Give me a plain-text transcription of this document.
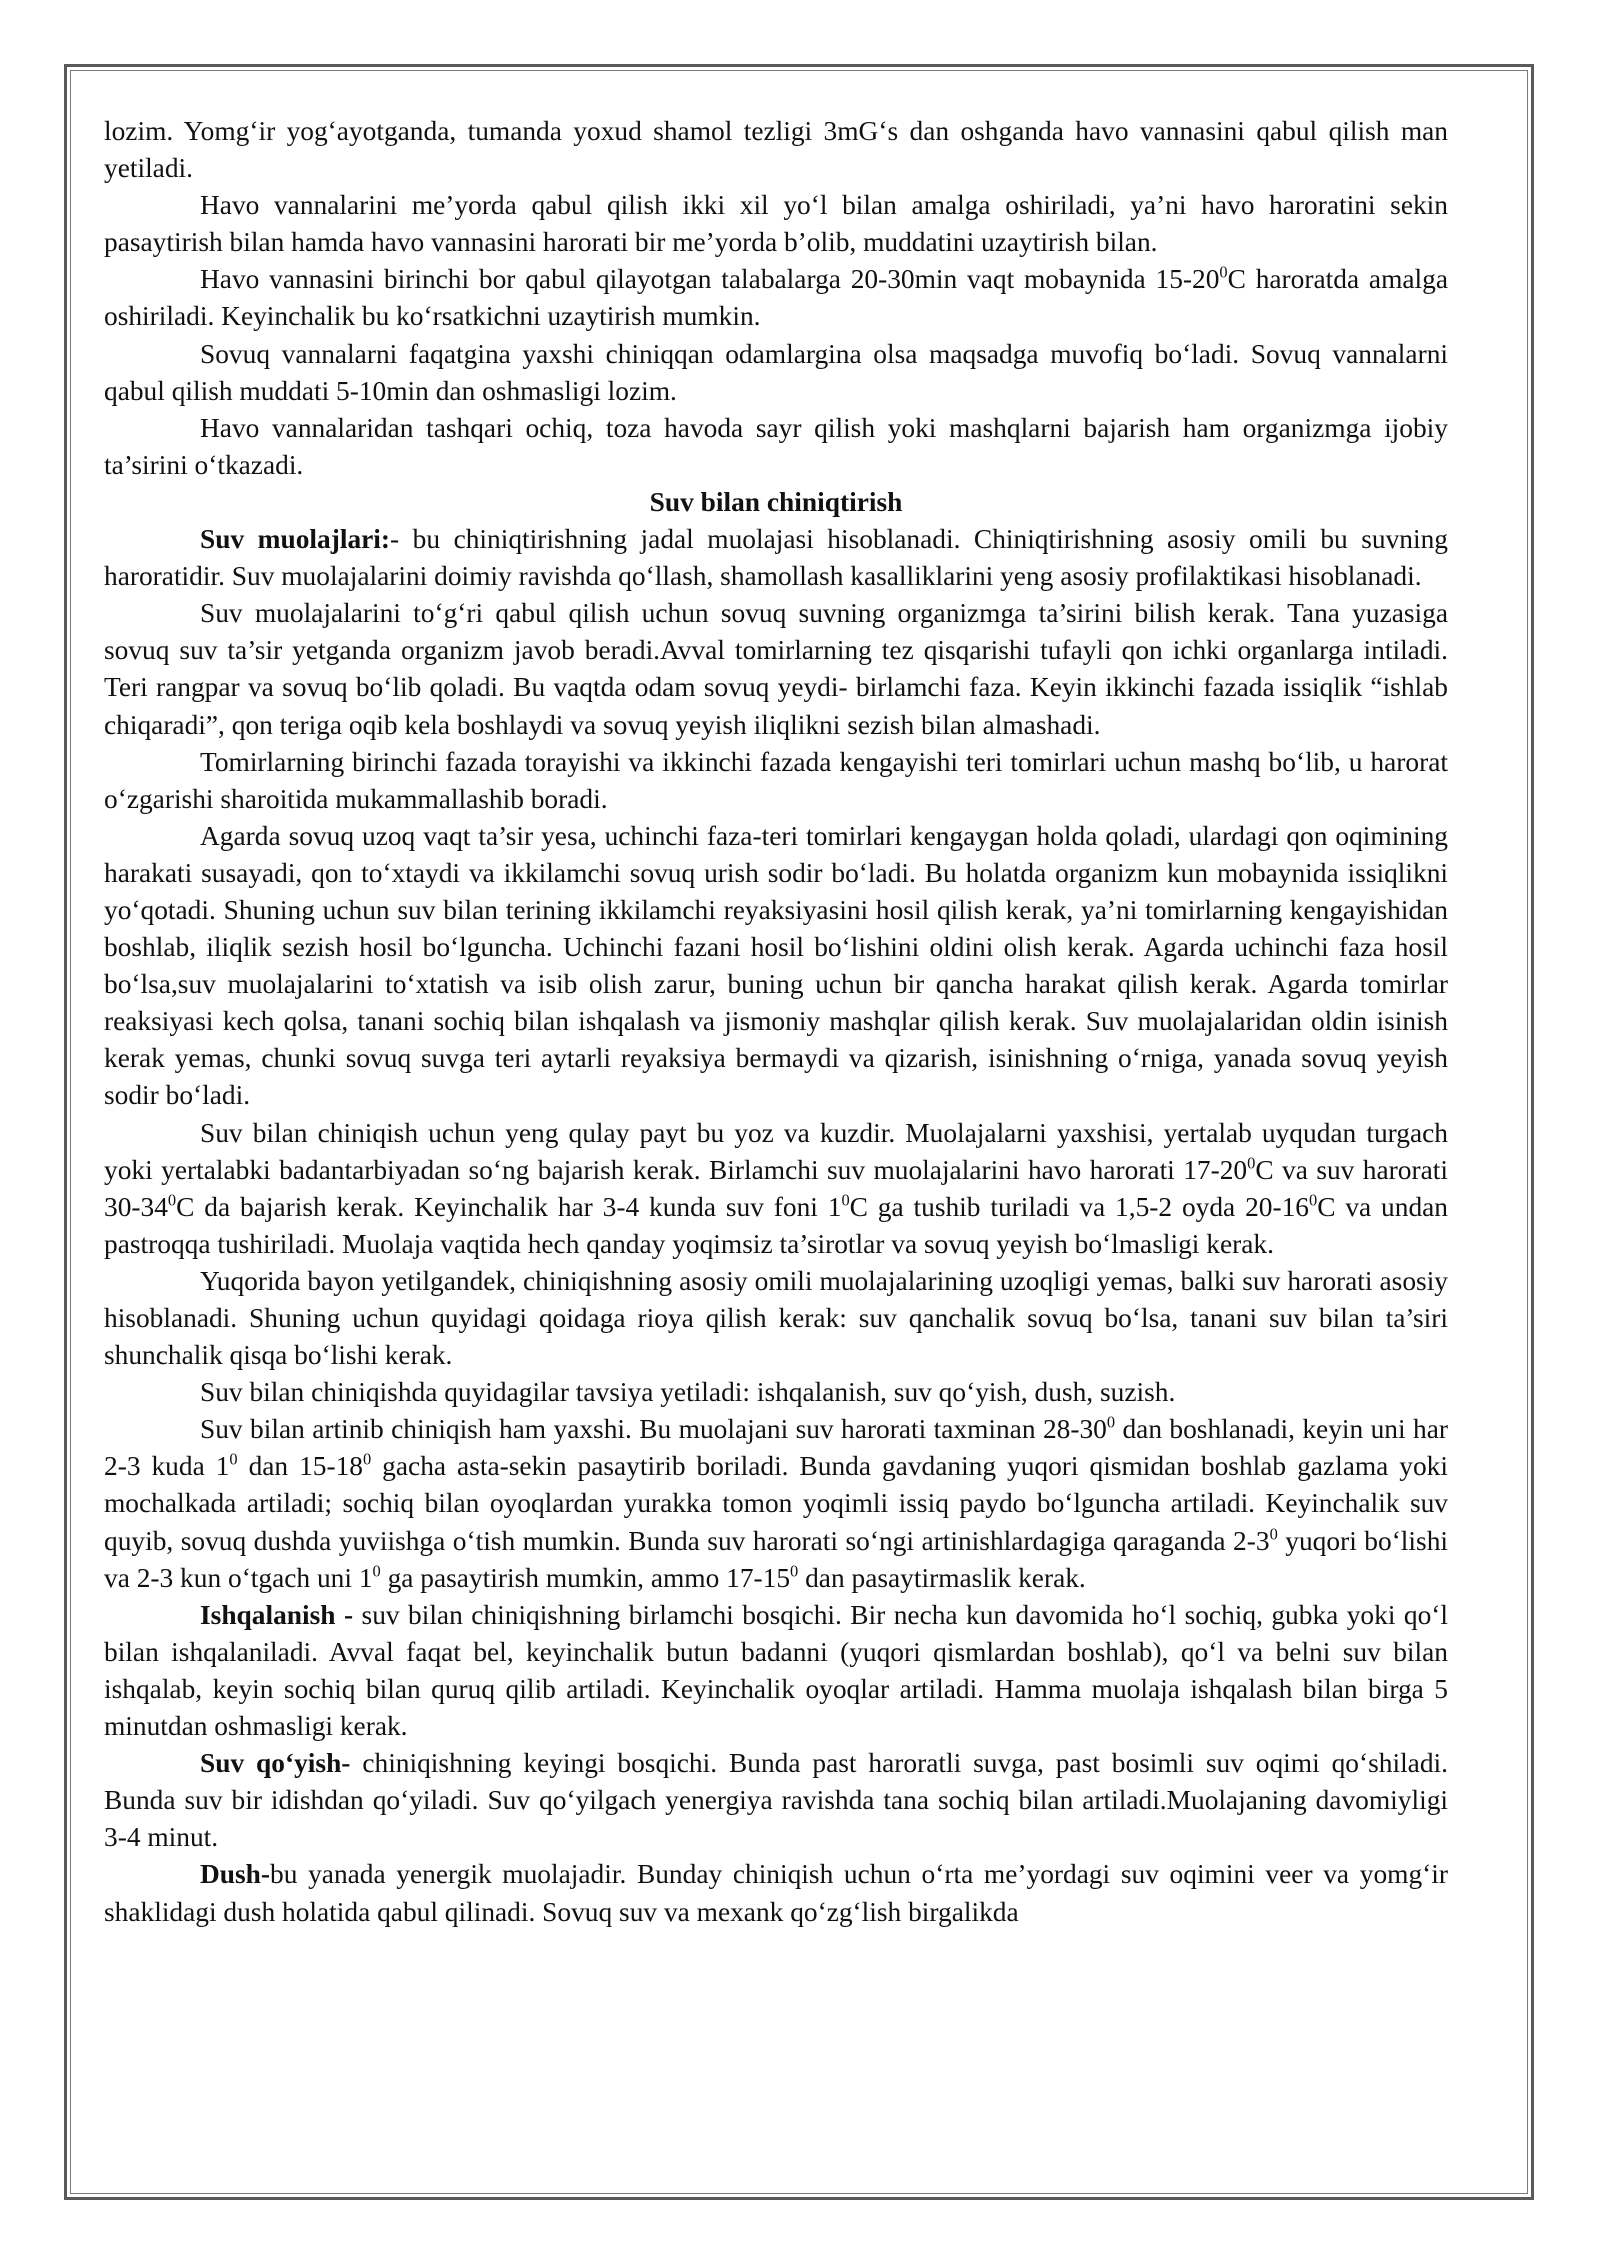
lozim. Yomg‘ir yog‘ayotganda, tumanda yoxud shamol tezligi 3mG‘s dan oshganda havo vannasini qabul qilish man yetiladi.

Havo vannalarini me’yorda qabul qilish ikki xil yo‘l bilan amalga oshiriladi, ya’ni havo haroratini sekin pasaytirish bilan hamda havo vannasini harorati bir me’yorda b’olib, muddatini uzaytirish bilan.

Havo vannasini birinchi bor qabul qilayotgan talabalarga 20-30min vaqt mobaynida $15-20^0C$ haroratda amalga oshiriladi. Keyinchalik bu ko‘rsatkichni uzaytirish mumkin.

Sovuq vannalarni faqatgina yaxshi chiniqqan odamlargina olsa maqsadga muvofiq bo‘ladi. Sovuq vannalarni qabul qilish muddati 5-10min dan oshmasligi lozim.

Havo vannalaridan tashqari ochiq, toza havoda sayr qilish yoki mashqlarni bajarish ham organizmga ijobiy ta’sirini o‘tkazadi.

Suv bilan chiniqtirish

Suv muolajlari:- bu chiniqtirishning jadal muolajasi hisoblanadi. Chiniqtirishning asosiy omili bu suvning haroratidir. Suv muolajalarini doimiy ravishda qo‘llash, shamollash kasalliklarini yeng asosiy profilaktikasi hisoblanadi.

Suv muolajalarini to‘g‘ri qabul qilish uchun sovuq suvning organizmga ta’sirini bilish kerak. Tana yuzasiga sovuq suv ta’sir yetganda organizm javob beradi.Avval tomirlarning tez qisqarishi tufayli qon ichki organlarga intiladi. Teri rangpar va sovuq bo‘lib qoladi. Bu vaqtda odam sovuq yeydi- birlamchi faza. Keyin ikkinchi fazada issiqlik “ishlab chiqaradi”, qon teriga oqib kela boshlaydi va sovuq yeyish iliqlikni sezish bilan almashadi.

Tomirlarning birinchi fazada torayishi va ikkinchi fazada kengayishi teri tomirlari uchun mashq bo‘lib, u harorat o‘zgarishi sharoitida mukammallashib boradi.

Agarda sovuq uzoq vaqt ta’sir yesa, uchinchi faza-teri tomirlari kengaygan holda qoladi, ulardagi qon oqimining harakati susayadi, qon to‘xtaydi va ikkilamchi sovuq urish sodir bo‘ladi. Bu holatda organizm kun mobaynida issiqlikni yo‘qotadi. Shuning uchun suv bilan terining ikkilamchi reyaksiyasini hosil qilish kerak, ya’ni tomirlarning kengayishidan boshlab, iliqlik sezish hosil bo‘lguncha. Uchinchi fazani hosil bo‘lishini oldini olish kerak. Agarda uchinchi faza hosil bo‘lsa,suv muolajalarini to‘xtatish va isib olish zarur, buning uchun bir qancha harakat qilish kerak. Agarda tomirlar reaksiyasi kech qolsa, tanani sochiq bilan ishqalash va jismoniy mashqlar qilish kerak. Suv muolajalaridan oldin isinish kerak yemas, chunki sovuq suvga teri aytarli reyaksiya bermaydi va qizarish, isinishning o‘rniga, yanada sovuq yeyish sodir bo‘ladi.

Suv bilan chiniqish uchun yeng qulay payt bu yoz va kuzdir. Muolajalarni yaxshisi, yertalab uyqudan turgach yoki yertalabki badantarbiyadan so‘ng bajarish kerak. Birlamchi suv muolajalarini havo harorati $17-20^0C$ va suv harorati $30-34^0C$ da bajarish kerak. Keyinchalik har 3-4 kunda suv foni $1^0C$ ga tushib turiladi va 1,5-2 oyda $20-16^0C$ va undan pastroqqa tushiriladi. Muolaja vaqtida hech qanday yoqimsiz ta’sirotlar va sovuq yeyish bo‘lmasligi kerak.

Yuqorida bayon yetilgandek, chiniqishning asosiy omili muolajalarining uzoqligi yemas, balki suv harorati asosiy hisoblanadi. Shuning uchun quyidagi qoidaga rioya qilish kerak: suv qanchalik sovuq bo‘lsa, tanani suv bilan ta’siri shunchalik qisqa bo‘lishi kerak.

Suv bilan chiniqishda quyidagilar tavsiya yetiladi: ishqalanish, suv qo‘yish, dush, suzish.

Suv bilan artinib chiniqish ham yaxshi. Bu muolajani suv harorati taxminan $28-30^0$ dan boshlanadi, keyin uni har 2-3 kuda $1^0$ dan $15-18^0$ gacha asta-sekin pasaytirib boriladi. Bunda gavdaning yuqori qismidan boshlab gazlama yoki mochalkada artiladi; sochiq bilan oyoqlardan yurakka tomon yoqimli issiq paydo bo‘lguncha artiladi. Keyinchalik suv quyib, sovuq dushda yuviishga o‘tish mumkin. Bunda suv harorati so‘ngi artinishlardagiga qaraganda $2-3^0$ yuqori bo‘lishi va 2-3 kun o‘tgach uni $1^0$ ga pasaytirish mumkin, ammo $17-15^0$ dan pasaytirmaslik kerak.

Ishqalanish - suv bilan chiniqishning birlamchi bosqichi. Bir necha kun davomida ho‘l sochiq, gubka yoki qo‘l bilan ishqalaniladi. Avval faqat bel, keyinchalik butun badanni (yuqori qismlardan boshlab), qo‘l va belni suv bilan ishqalab, keyin sochiq bilan quruq qilib artiladi. Keyinchalik oyoqlar artiladi. Hamma muolaja ishqalash bilan birga 5 minutdan oshmasligi kerak.

Suv qo‘yish- chiniqishning keyingi bosqichi. Bunda past haroratli suvga, past bosimli suv oqimi qo‘shiladi. Bunda suv bir idishdan qo‘yiladi. Suv qo‘yilgach yenergiya ravishda tana sochiq bilan artiladi.Muolajaning davomiyligi 3-4 minut.

Dush-bu yanada yenergik muolajadir. Bunday chiniqish uchun o‘rta me’yordagi suv oqimini veer va yomg‘ir shaklidagi dush holatida qabul qilinadi. Sovuq suv va mexank qo‘zg‘lish birgalikda
